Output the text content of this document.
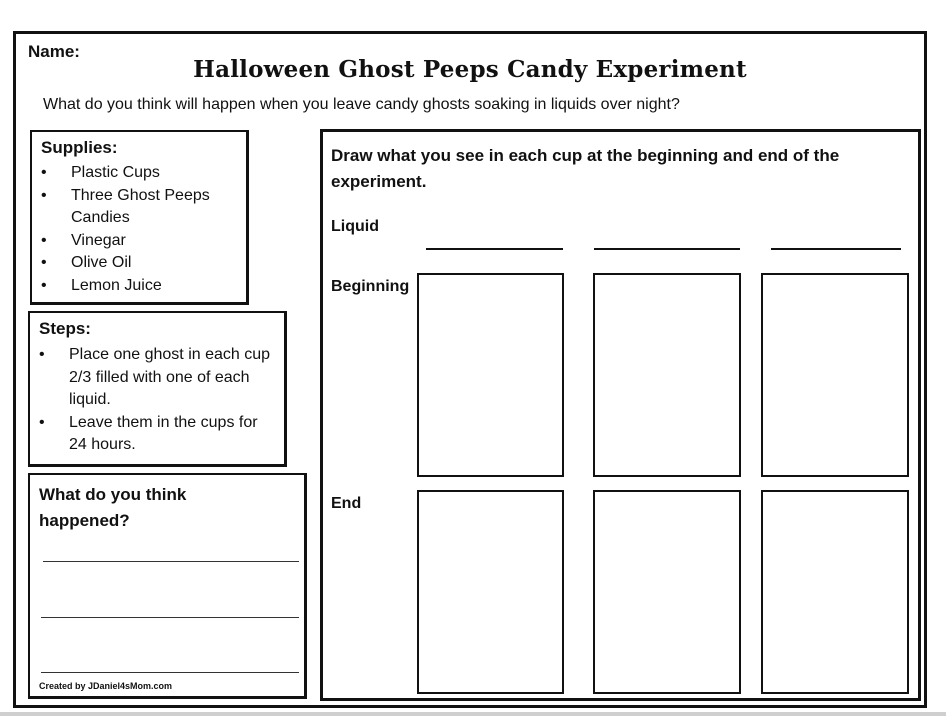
Name:
Halloween Ghost Peeps Candy Experiment
What do you think will happen when you leave candy ghosts soaking in liquids over night?
Supplies:
• Plastic Cups
• Three Ghost Peeps Candies
• Vinegar
• Olive Oil
• Lemon Juice
Steps:
• Place one ghost in each cup 2/3 filled with one of each liquid.
• Leave them in the cups for 24 hours.
What do you think happened?
Created by JDaniel4sMom.com
Draw what you see in each cup at the beginning and end of the experiment.
Liquid
Beginning
End
